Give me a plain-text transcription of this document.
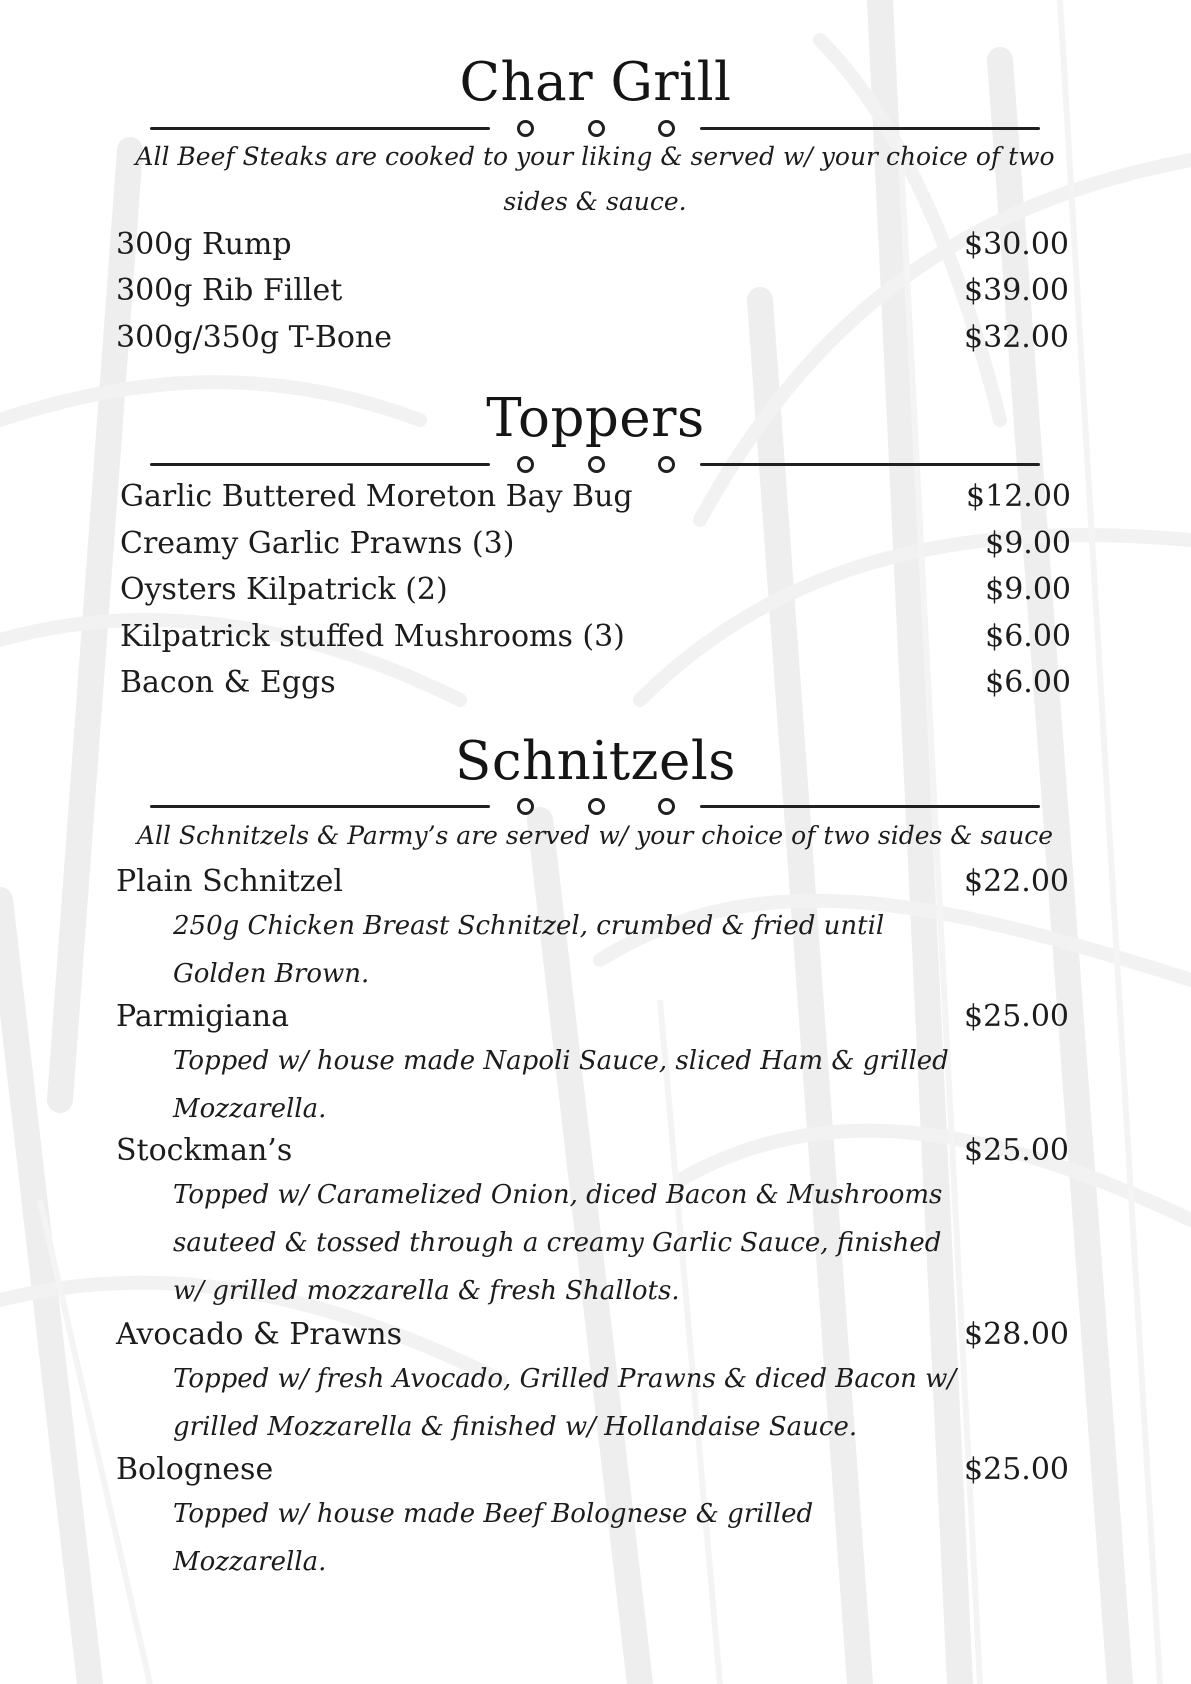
Char Grill
All Beef Steaks are cooked to your liking & served w/ your choice of two sides & sauce.
300g Rump	$30.00
300g Rib Fillet	$39.00
300g/350g T-Bone	$32.00
Toppers
Garlic Buttered Moreton Bay Bug	$12.00
Creamy Garlic Prawns (3)	$9.00
Oysters Kilpatrick (2)	$9.00
Kilpatrick stuffed Mushrooms (3)	$6.00
Bacon & Eggs	$6.00
Schnitzels
All Schnitzels & Parmy’s are served w/ your choice of two sides & sauce
Plain Schnitzel	$22.00
250g Chicken Breast Schnitzel, crumbed & fried until Golden Brown.
Parmigiana	$25.00
Topped w/ house made Napoli Sauce, sliced Ham & grilled Mozzarella.
Stockman’s	$25.00
Topped w/ Caramelized Onion, diced Bacon & Mushrooms sauteed & tossed through a creamy Garlic Sauce, finished w/ grilled mozzarella & fresh Shallots.
Avocado & Prawns	$28.00
Topped w/ fresh Avocado, Grilled Prawns & diced Bacon w/ grilled Mozzarella & finished w/ Hollandaise Sauce.
Bolognese	$25.00
Topped w/ house made Beef Bolognese & grilled Mozzarella.
